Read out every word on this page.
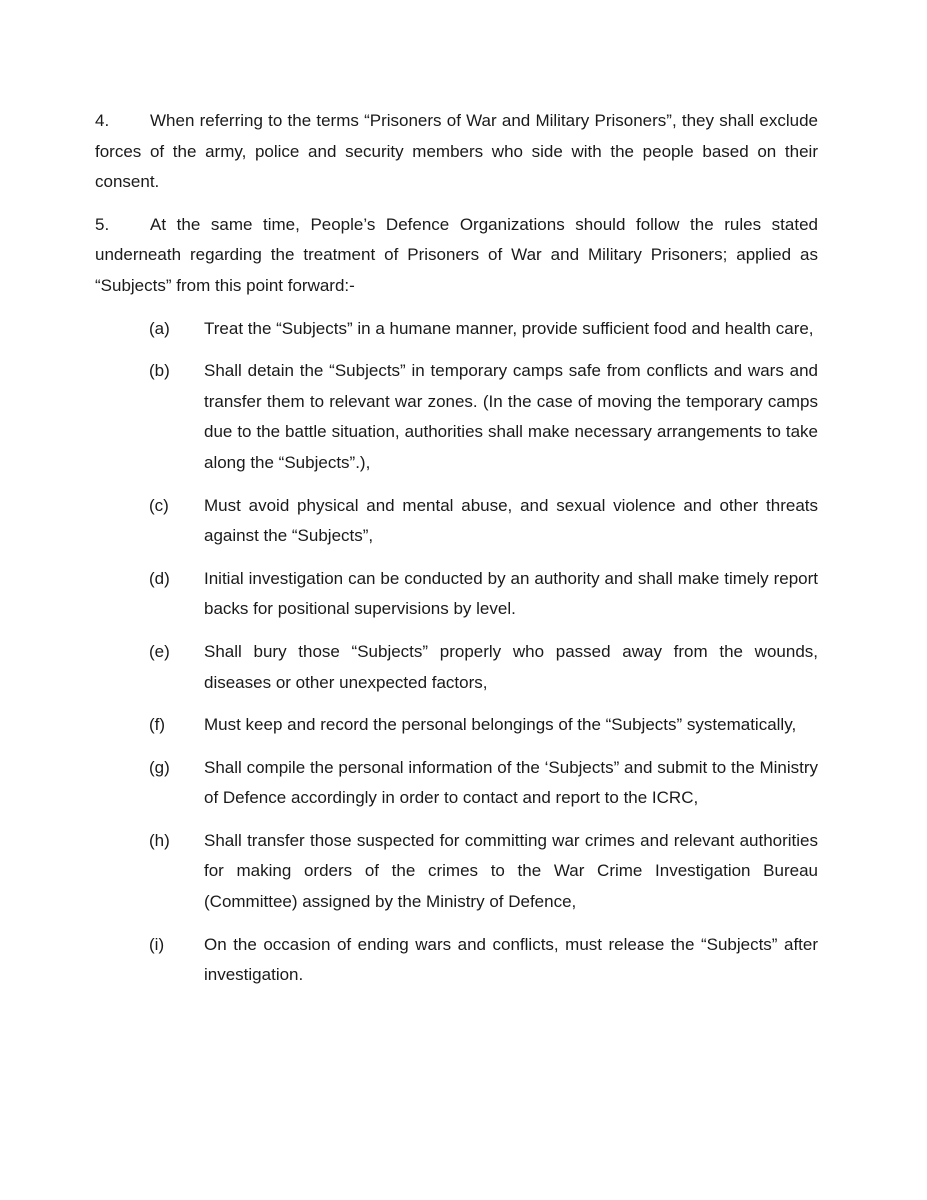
4. When referring to the terms “Prisoners of War and Military Prisoners”, they shall exclude forces of the army, police and security members who side with the people based on their consent.

5. At the same time, People’s Defence Organizations should follow the rules stated underneath regarding the treatment of Prisoners of War and Military Prisoners; applied as “Subjects” from this point forward:-

(a)	Treat the “Subjects” in a humane manner, provide sufficient food and health care,
(b)	Shall detain the “Subjects” in temporary camps safe from conflicts and wars and transfer them to relevant war zones. (In the case of moving the temporary camps due to the battle situation, authorities shall make necessary arrangements to take along the “Subjects”.),
(c)	Must avoid physical and mental abuse, and sexual violence and other threats against the “Subjects”,
(d)	Initial investigation can be conducted by an authority and shall make timely report backs for positional supervisions by level.
(e)	Shall bury those “Subjects” properly who passed away from the wounds, diseases or other unexpected factors,
(f)	Must keep and record the personal belongings of the “Subjects” systematically,
(g)	Shall compile the personal information of the ‘Subjects” and submit to the Ministry of Defence accordingly in order to contact and report to the ICRC,
(h)	Shall transfer those suspected for committing war crimes and relevant authorities for making orders of the crimes to the War Crime Investigation Bureau (Committee) assigned by the Ministry of Defence,
(i)	On the occasion of ending wars and conflicts, must release the “Subjects” after investigation.
